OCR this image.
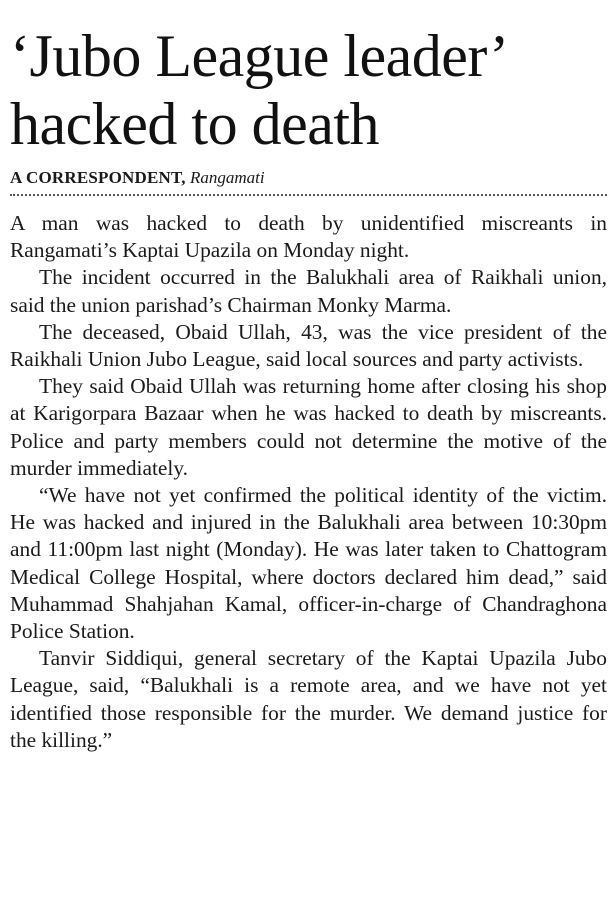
‘Jubo League leader’ hacked to death
A CORRESPONDENT, Rangamati

A man was hacked to death by unidentified miscreants in Rangamati’s Kaptai Upazila on Monday night.

The incident occurred in the Balukhali area of Raikhali union, said the union parishad’s Chairman Monky Marma.

The deceased, Obaid Ullah, 43, was the vice president of the Raikhali Union Jubo League, said local sources and party activists.

They said Obaid Ullah was returning home after closing his shop at Karigorpara Bazaar when he was hacked to death by miscreants. Police and party members could not determine the motive of the murder immediately.

“We have not yet confirmed the political identity of the victim. He was hacked and injured in the Balukhali area between 10:30pm and 11:00pm last night (Monday). He was later taken to Chattogram Medical College Hospital, where doctors declared him dead,” said Muhammad Shahjahan Kamal, officer-in-charge of Chandraghona Police Station.

Tanvir Siddiqui, general secretary of the Kaptai Upazila Jubo League, said, “Balukhali is a remote area, and we have not yet identified those responsible for the murder. We demand justice for the killing.”
